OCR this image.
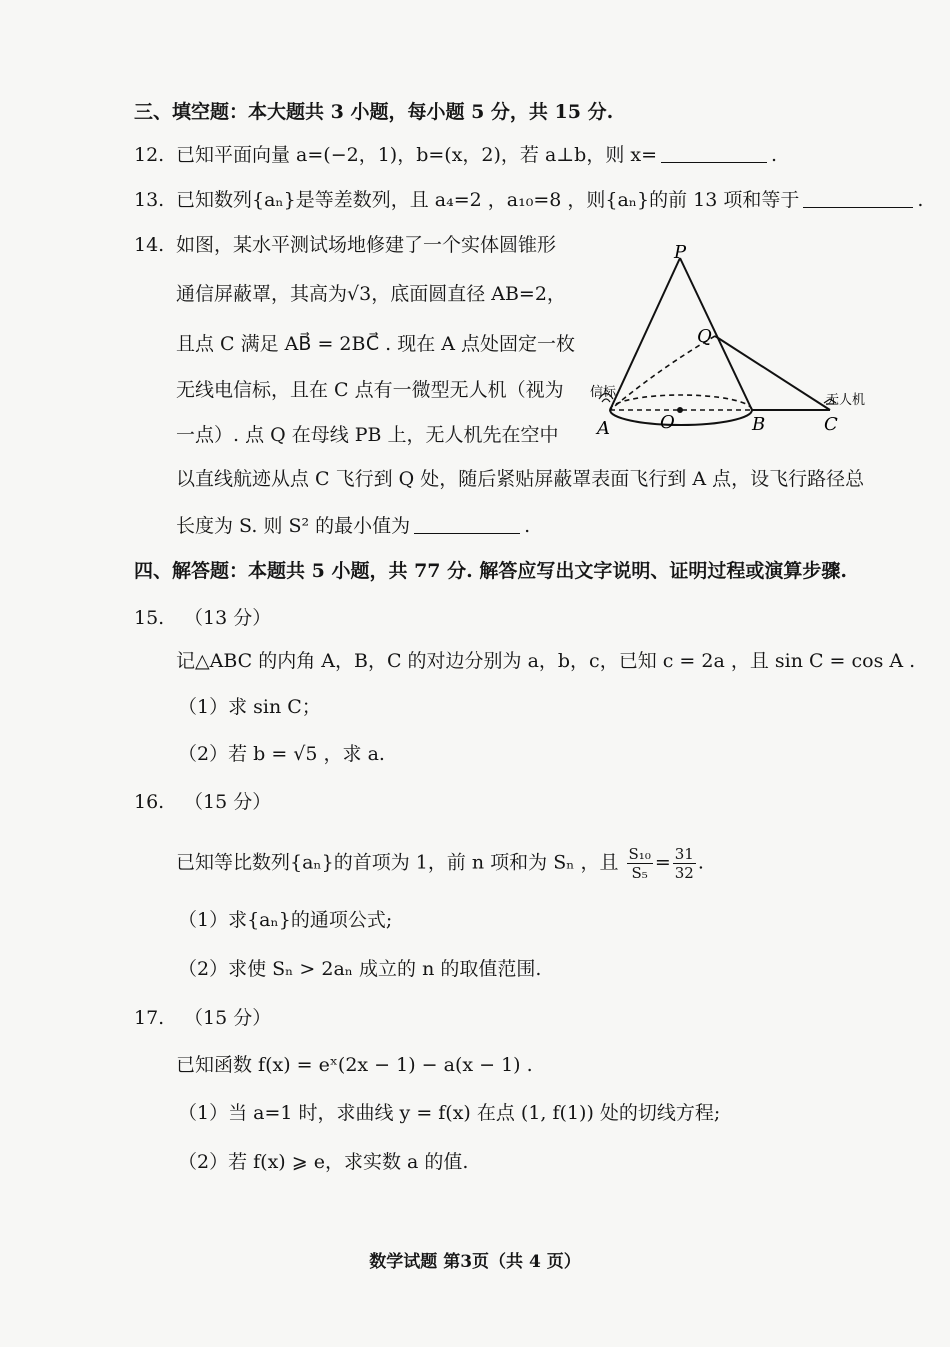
三、填空题：本大题共 3 小题，每小题 5 分，共 15 分.
12. 已知平面向量 a=(−2，1)，b=(x，2)，若 a⊥b，则 x=	.
13. 已知数列{aₙ}是等差数列，且 a₄=2 ，a₁₀=8 ，则{aₙ}的前 13 项和等于	.
14. 如图，某水平测试场地修建了一个实体圆锥形
通信屏蔽罩，其高为√3，底面圆直径 AB=2，
且点 C 满足 AB⃗ = 2BC⃗ . 现在 A 点处固定一枚
无线电信标，且在 C 点有一微型无人机（视为
一点）. 点 Q 在母线 PB 上，无人机先在空中
以直线航迹从点 C 飞行到 Q 处，随后紧贴屏蔽罩表面飞行到 A 点，设飞行路径总
长度为 S. 则 S² 的最小值为	.
P
Q
A	O	B	C
信标
无人机
四、解答题：本题共 5 小题，共 77 分. 解答应写出文字说明、证明过程或演算步骤.
15. （13 分）
记△ABC 的内角 A，B，C 的对边分别为 a，b，c，已知 c = 2a ，且 sin C = cos A .
（1）求 sin C；
（2）若 b = √5 ，求 a.
16. （15 分）
已知等比数列{aₙ}的首项为 1，前 n 项和为 Sₙ ，且 $\frac{\text{S₁₀}}{\text{S₅}} = \frac{31}{32}$ .
（1）求{aₙ}的通项公式;
（2）求使 Sₙ > 2aₙ 成立的 n 的取值范围.
17. （15 分）
已知函数 f(x) = eˣ(2x − 1) − a(x − 1) .
（1）当 a=1 时，求曲线 y = f(x) 在点 (1, f(1)) 处的切线方程;
（2）若 f(x) ⩾ e，求实数 a 的值.
数学试题 第3页（共 4 页）
